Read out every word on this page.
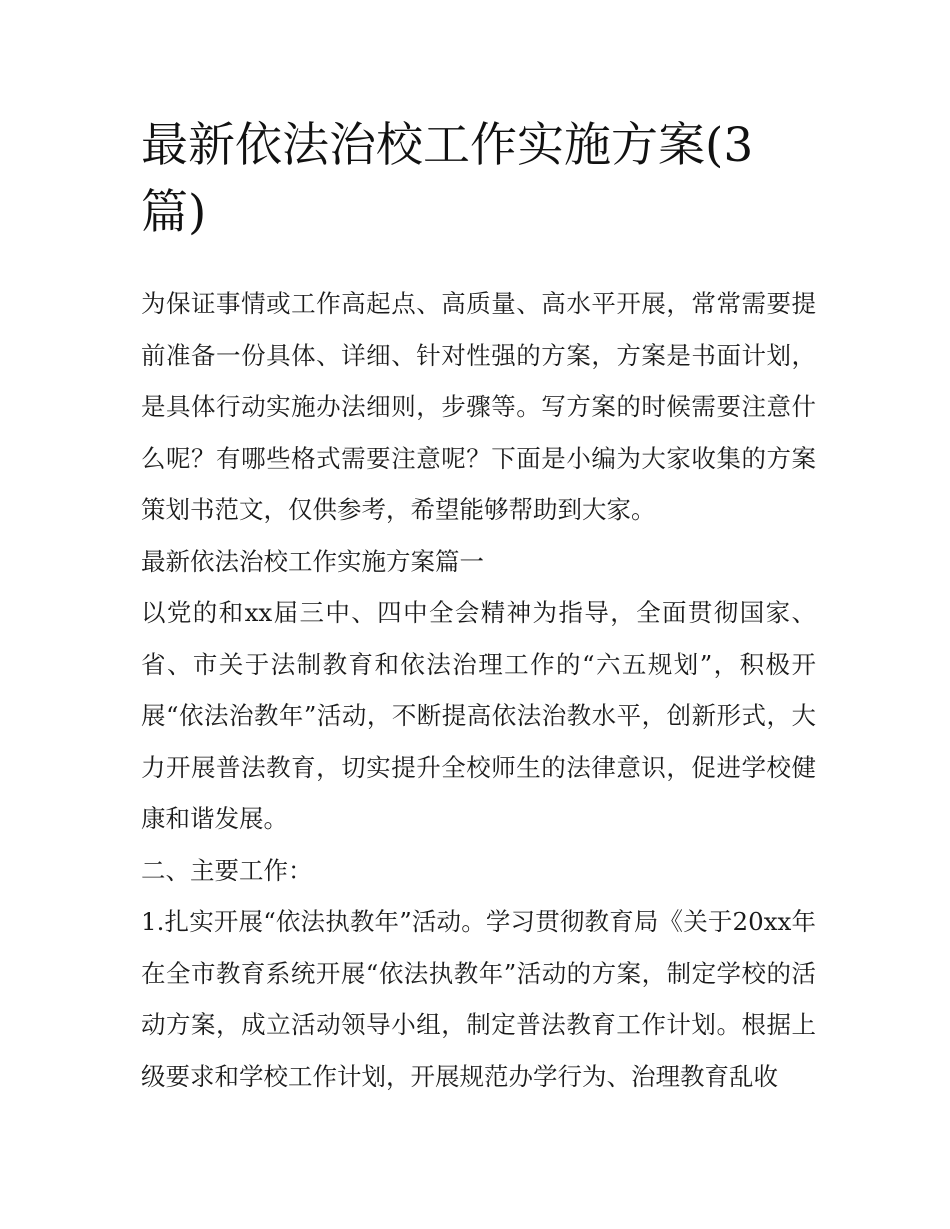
最新依法治校工作实施方案(3篇)

为保证事情或工作高起点、高质量、高水平开展，常常需要提前准备一份具体、详细、针对性强的方案，方案是书面计划，是具体行动实施办法细则，步骤等。写方案的时候需要注意什么呢？有哪些格式需要注意呢？下面是小编为大家收集的方案策划书范文，仅供参考，希望能够帮助到大家。

最新依法治校工作实施方案篇一

以党的和xx届三中、四中全会精神为指导，全面贯彻国家、省、市关于法制教育和依法治理工作的“六五规划”，积极开展“依法治教年”活动，不断提高依法治教水平，创新形式，大力开展普法教育，切实提升全校师生的法律意识，促进学校健康和谐发展。

二、主要工作：

1.扎实开展“依法执教年”活动。学习贯彻教育局《关于20xx年在全市教育系统开展“依法执教年”活动的方案，制定学校的活动方案，成立活动领导小组，制定普法教育工作计划。根据上级要求和学校工作计划，开展规范办学行为、治理教育乱收
